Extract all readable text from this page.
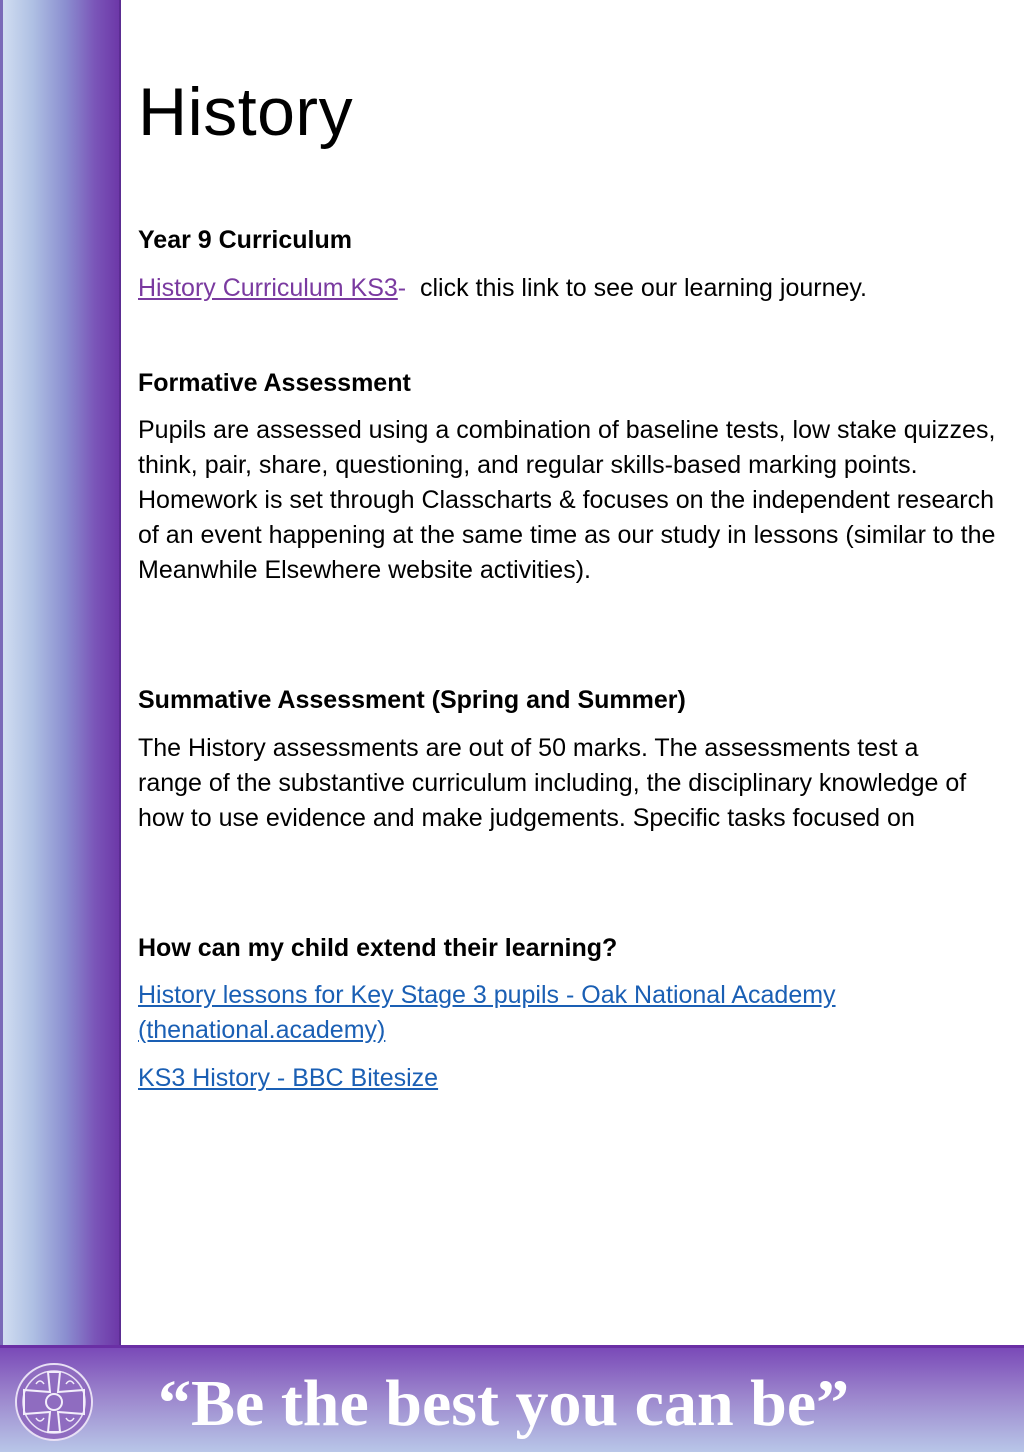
History
Year 9 Curriculum
History Curriculum KS3-  click this link to see our learning journey.
Formative Assessment

Pupils are assessed using a combination of baseline tests, low stake quizzes, think, pair, share, questioning, and regular skills-based marking points. Homework is set through Classcharts & focuses on the independent research of an event happening at the same time as our study in lessons (similar to the Meanwhile Elsewhere website activities).

Summative Assessment (Spring and Summer)

The History assessments are out of 50 marks. The assessments test a range of the substantive curriculum including, the disciplinary knowledge of how to use evidence and make judgements. Specific tasks focused on

How can my child extend their learning?
History lessons for Key Stage 3 pupils - Oak National Academy (thenational.academy)
KS3 History - BBC Bitesize
“Be the best you can be”
